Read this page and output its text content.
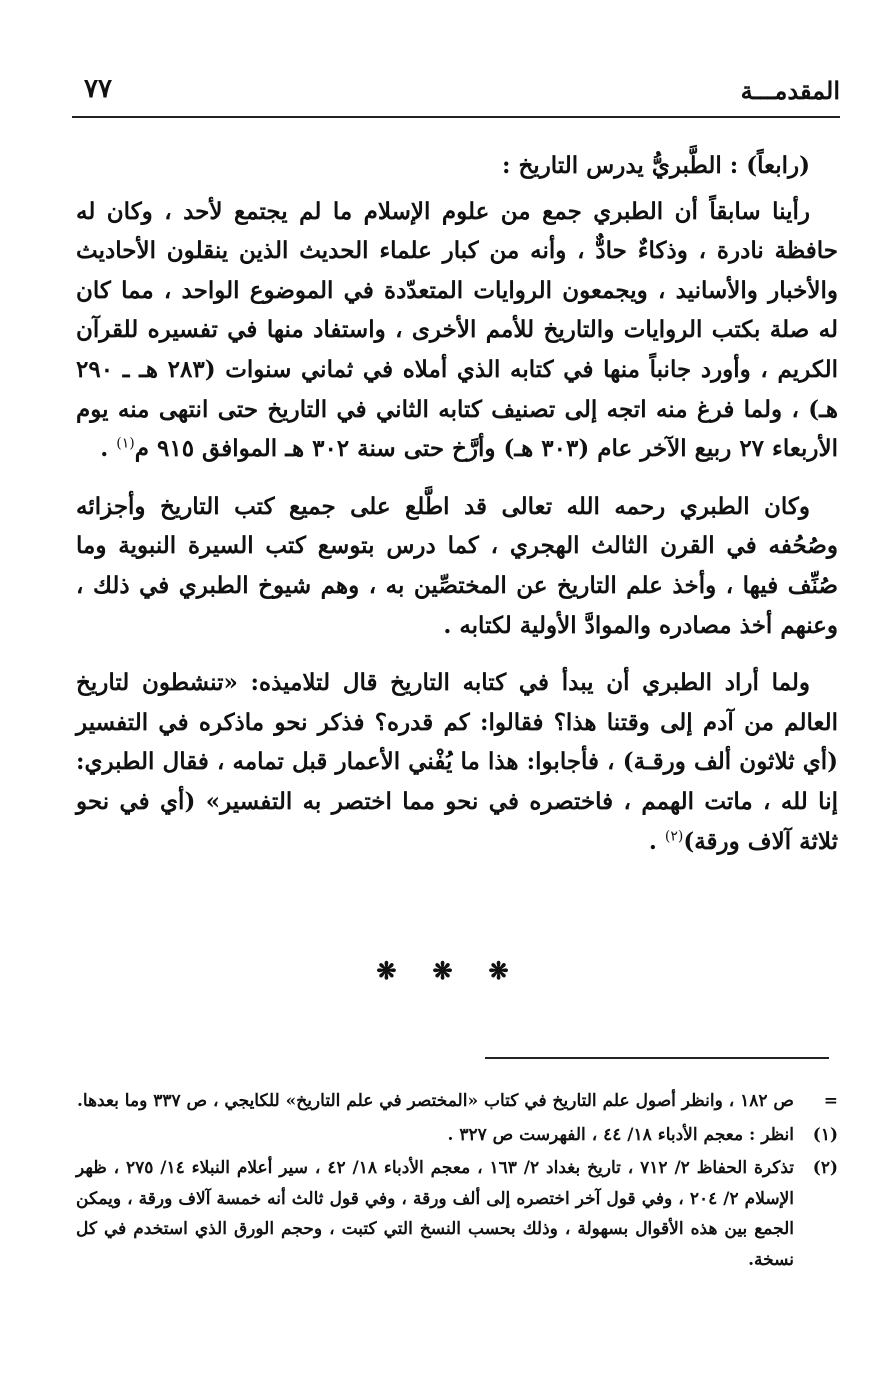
المقدمـــة
٧٧
(رابعاً) : الطَّبريُّ يدرس التاريخ :

رأينا سابقاً أن الطبري جمع من علوم الإسلام ما لم يجتمع لأحد ، وكان له حافظة نادرة ، وذكاءٌ حادٌّ ، وأنه من كبار علماء الحديث الذين ينقلون الأحاديث والأخبار والأسانيد ، ويجمعون الروايات المتعدّدة في الموضوع الواحد ، مما كان له صلة بكتب الروايات والتاريخ للأمم الأخرى ، واستفاد منها في تفسيره للقرآن الكريم ، وأورد جانباً منها في كتابه الذي أملاه في ثماني سنوات (٢٨٣ هـ ـ ٢٩٠ هـ) ، ولما فرغ منه اتجه إلى تصنيف كتابه الثاني في التاريخ حتى انتهى منه يوم الأربعاء ٢٧ ربيع الآخر عام (٣٠٣ هـ) وأرَّخ حتى سنة ٣٠٢ هـ الموافق ٩١٥ م$^{(١)}$ .

وكان الطبري رحمه الله تعالى قد اطَّلع على جميع كتب التاريخ وأجزائه وصُحُفه في القرن الثالث الهجري ، كما درس بتوسع كتب السيرة النبوية وما صُنِّف فيها ، وأخذ علم التاريخ عن المختصِّين به ، وهم شيوخ الطبري في ذلك ، وعنهم أخذ مصادره والموادَّ الأولية لكتابه .

ولما أراد الطبري أن يبدأ في كتابه التاريخ قال لتلاميذه: «تنشطون لتاريخ العالم من آدم إلى وقتنا هذا؟ فقالوا: كم قدره؟ فذكر نحو ماذكره في التفسير (أي ثلاثون ألف ورقـة) ، فأجابوا: هذا ما يُفْني الأعمار قبل تمامه ، فقال الطبري: إنا لله ، ماتت الهمم ، فاختصره في نحو مما اختصر به التفسير» (أي في نحو ثلاثة آلاف ورقة)$^{(٢)}$ .

❋ ❋ ❋
=
ص ١٨٢ ، وانظر أصول علم التاريخ في كتاب «المختصر في علم التاريخ» للكايجي ، ص ٣٣٧ وما بعدها.
(١)
انظر : معجم الأدباء ١٨/ ٤٤ ، الفهرست ص ٣٢٧ .
(٢)
تذكرة الحفاظ ٢/ ٧١٢ ، تاريخ بغداد ٢/ ١٦٣ ، معجم الأدباء ١٨/ ٤٢ ، سير أعلام النبلاء ١٤/ ٢٧٥ ، ظهر الإسلام ٢/ ٢٠٤ ، وفي قول آخر اختصره إلى ألف ورقة ، وفي قول ثالث أنه خمسة آلاف ورقة ، ويمكن الجمع بين هذه الأقوال بسهولة ، وذلك بحسب النسخ التي كتبت ، وحجم الورق الذي استخدم في كل نسخة.
